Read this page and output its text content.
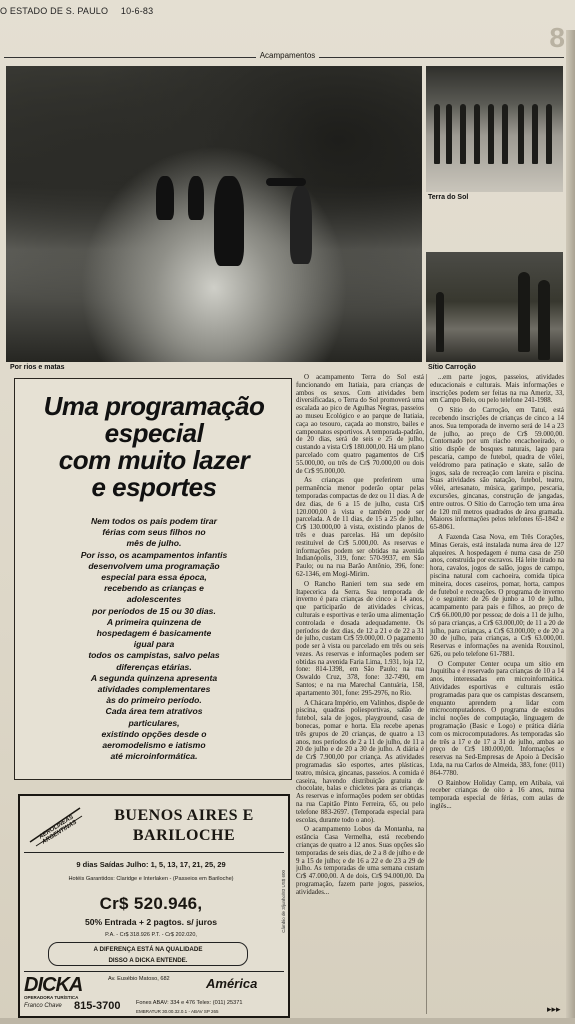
O ESTADO DE S. PAULO 10-6-83
8
Acampamentos
Por rios e matas
Terra do Sol
Sítio Carroção
Uma programação
especial
com muito lazer
e esportes
Nem todos os pais podem tirar
férias com seus filhos no
mês de julho.
Por isso, os acampamentos infantis
desenvolvem uma programação
especial para essa época,
recebendo as crianças e
adolescentes
por períodos de 15 ou 30 dias.
A primeira quinzena de
hospedagem é basicamente
igual para
todos os campistas, salvo pelas
diferenças etárias.
A segunda quinzena apresenta
atividades complementares
às do primeiro período.
Cada área tem atrativos
particulares,
existindo opções desde o
aeromodelismo e iatismo
até microinformática.
AEROLINEAS ARGENTINAS
BUENOS AIRES E
BARILOCHE
9 dias Saídas Julho: 1, 5, 13, 17, 21, 25, 29
Hotéis Garantidos: Claridge e Interlaken - (Passeios em Bariloche)
Cr$ 520.946,
50% Entrada + 2 pagtos. s/ juros
P.A. - Cr$ 318.926 P.T. - Cr$ 202.020,
A DIFERENÇA ESTÁ NA QUALIDADE
DISSO A DICKA ENTENDE.
Câmbio de 3/junho/83 US$ 600
DICKA
OPERADORA TURÍSTICA
Franco Chave 815-3700
Av. Eusébio Matoso, 682	América
Fones ABAV: 334 e 476 Telex: (011) 25371
EMBRATUR 30.00.32.0.1 - ABAV SP 265

O acampamento Terra do Sol está funcionando em Itatiaia, para crianças de ambos os sexos. Com atividades bem diversificadas, o Terra do Sol promoverá uma escalada ao pico de Agulhas Negras, passeios ao museu Ecológico e ao parque de Itatiaia, caça ao tesouro, caçada ao monstro, bailes e campeonatos esportivos. A temporada-padrão, de 20 dias, será de seis e 25 de julho, custando a vista Cr$ 180.000,00. Há um plano parcelado com quatro pagamentos de Cr$ 55.000,00, ou três de Cr$ 70.000,00 ou dois de Cr$ 95.000,00.

As crianças que preferirem uma permanência menor poderão optar pelas temporadas compactas de dez ou 11 dias. A de dez dias, de 6 a 15 de julho, custa Cr$ 120.000,00 à vista e também pode ser parcelada. A de 11 dias, de 15 a 25 de julho, Cr$ 130.000,00 à vista, existindo planos de três e duas parcelas. Há um depósito restituível de Cr$ 5.000,00. As reservas e informações podem ser obtidas na avenida Indianópolis, 319, fone: 570-9937, em São Paulo; ou na rua Barão Antônio, 396, fone: 62-1346, em Mogi-Mirim.

O Rancho Ranieri tem sua sede em Itapecerica da Serra. Sua temporada de inverno é para crianças de cinco a 14 anos, que participarão de atividades cívicas, culturais e esportivas e terão uma alimentação controlada e dosada adequadamente. Os períodos de dez dias, de 12 a 21 e de 22 a 31 de julho, custam Cr$ 59.000,00. O pagamento pode ser à vista ou parcelado em três ou seis vezes. As reservas e informações podem ser obtidas na avenida Faria Lima, 1.931, loja 12, fone: 814-1398, em São Paulo; na rua Oswaldo Cruz, 378, fone: 32-7490, em Santos; e na rua Marechal Cantuária, 158, apartamento 301, fone: 295-2976, no Rio.

A Chácara Império, em Valinhos, dispõe de piscina, quadras poliesportivas, salão de futebol, sala de jogos, playground, casa de bonecas, pomar e horta. Ela recebe apenas três grupos de 20 crianças, de quatro a 13 anos, nos períodos de 2 a 11 de julho, de 11 a 20 de julho e de 20 a 30 de julho. A diária é de Cr$ 7.900,00 por criança. As atividades programadas são esportes, artes plásticas, teatro, música, gincanas, passeios. A comida é caseira, havendo distribuição gratuita de chocolate, balas e chicletes para as crianças. As reservas e informações podem ser obtidas na rua Capitão Pinto Ferreira, 65, ou pelo telefone 883-2697. (Temporada especial para escolas, durante todo o ano).

O acampamento Lobos da Montanha, na estância Casa Vermelha, está recebendo crianças de quatro a 12 anos. Suas opções são temporadas de seis dias, de 2 a 8 de julho e de 9 a 15 de julho; e de 16 a 22 e de 23 a 29 de julho. As temporadas de uma semana custam Cr$ 47.000,00. A de dois, Cr$ 94.000,00. Da programação, fazem parte jogos, passeios, atividades...

...em parte jogos, passeios, atividades educacionais e culturais. Mais informações e inscrições podem ser feitas na rua Ameriz, 33, em Campo Belo, ou pelo telefone 241-1988.

O Sítio do Carroção, em Tatuí, está recebendo inscrições de crianças de cinco a 14 anos. Sua temporada de inverno será de 14 a 23 de julho, ao preço de Cr$ 59.000,00. Contornado por um riacho encachoeirado, o sítio dispõe de bosques naturais, lago para pescaria, campo de futebol, quadra de vôlei, velódromo para patinação e skate, salão de jogos, sala de recreação com lareira e piscina. Suas atividades são natação, futebol, teatro, vôlei, artesanato, música, garimpo, pescaria, excursões, gincanas, construção de jangadas, entre outros. O Sítio do Carroção tem uma área de 120 mil metros quadrados de área gramada. Maiores informações pelos telefones 65-1842 e 65-8061.

A Fazenda Casa Nova, em Três Corações, Minas Gerais, está instalada numa área de 127 alqueires. A hospedagem é numa casa de 250 anos, construída por escravos. Há leite tirado na hora, cavalos, jogos de salão, jogos de campo, piscina natural com cachoeira, comida típica mineira, doces caseiros, pomar, horta, campos de futebol e recreações. O programa de inverno é o seguinte: de 26 de junho a 10 de julho, acampamento para pais e filhos, ao preço de Cr$ 66.000,00 por pessoa; de dois a 11 de julho, só para crianças, a Cr$ 63.000,00; de 11 a 20 de julho, para crianças, a Cr$ 63.000,00; e de 20 a 30 de julho, para crianças, a Cr$ 63.000,00. Reservas e informações na avenida Rouxinol, 626, ou pelo telefone 61-7881.

O Computer Center ocupa um sítio em Juquitiba e é reservado para crianças de 10 a 14 anos, interessadas em microinformática. Atividades esportivas e culturais estão programadas para que os campistas descansem, enquanto aprendem a lidar com microcomputadores. O programa de estudos inclui noções de computação, linguagem de programação (Basic e Logo) e prática diária com os microcomputadores. As temporadas são de três a 17 e de 17 a 31 de julho, ambas ao preço de Cr$ 180.000,00. Informações e reservas na Sed-Empresas de Apoio à Decisão Ltda, na rua Carlos de Almeida, 383, fone: (011) 864-7780.

O Rainbow Holiday Camp, em Atibaia, vai receber crianças de oito a 16 anos, numa temporada especial de férias, com aulas de inglês...

▸▸▸
